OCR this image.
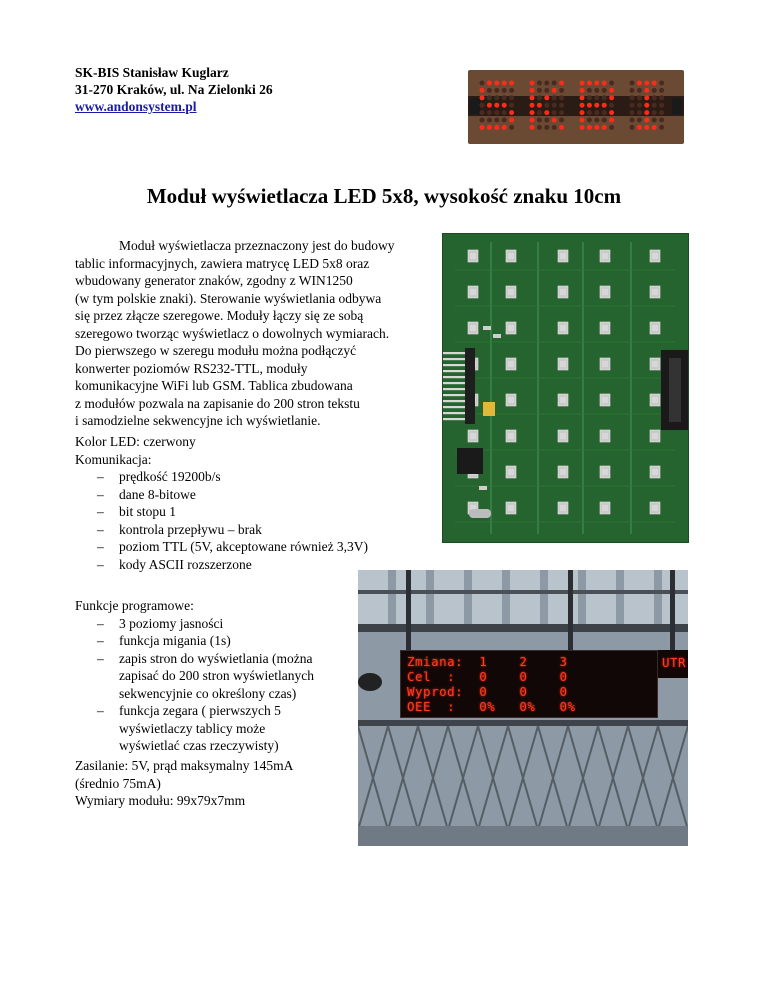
SK-BIS Stanisław Kuglarz
31-270 Kraków, ul. Na Zielonki 26
www.andonsystem.pl
Moduł wyświetlacza LED 5x8, wysokość znaku 10cm
Moduł wyświetlacza przeznaczony jest do budowy
tablic informacyjnych, zawiera matrycę LED 5x8 oraz
wbudowany generator znaków, zgodny z WIN1250
(w tym polskie znaki). Sterowanie wyświetlania odbywa
się przez złącze szeregowe. Moduły łączy się ze sobą
szeregowo tworząc wyświetlacz o dowolnych wymiarach.
Do pierwszego w szeregu modułu można podłączyć
konwerter poziomów RS232-TTL, moduły
komunikacyjne WiFi lub GSM. Tablica zbudowana
z modułów pozwala na zapisanie do 200 stron tekstu
i samodzielne sekwencyjne ich wyświetlanie.
Kolor LED: czerwony
Komunikacja:
– prędkość 19200b/s
– dane 8-bitowe
– bit stopu 1
– kontrola przepływu – brak
– poziom TTL (5V, akceptowane również 3,3V)
– kody ASCII rozszerzone
Funkcje programowe:
– 3 poziomy jasności
– funkcja migania (1s)
– zapis stron do wyświetlania (można
zapisać do 200 stron wyświetlanych
sekwencyjnie co określony czas)
– funkcja zegara ( pierwszych 5
wyświetlaczy tablicy może
wyświetlać czas rzeczywisty)
Zmiana:  1    2    3
Cel  :   0    0    0
Wyprod:  0    0    0
OEE  :   0%   0%   0%
UTR
Zasilanie: 5V, prąd maksymalny 145mA
(średnio 75mA)
Wymiary modułu: 99x79x7mm
